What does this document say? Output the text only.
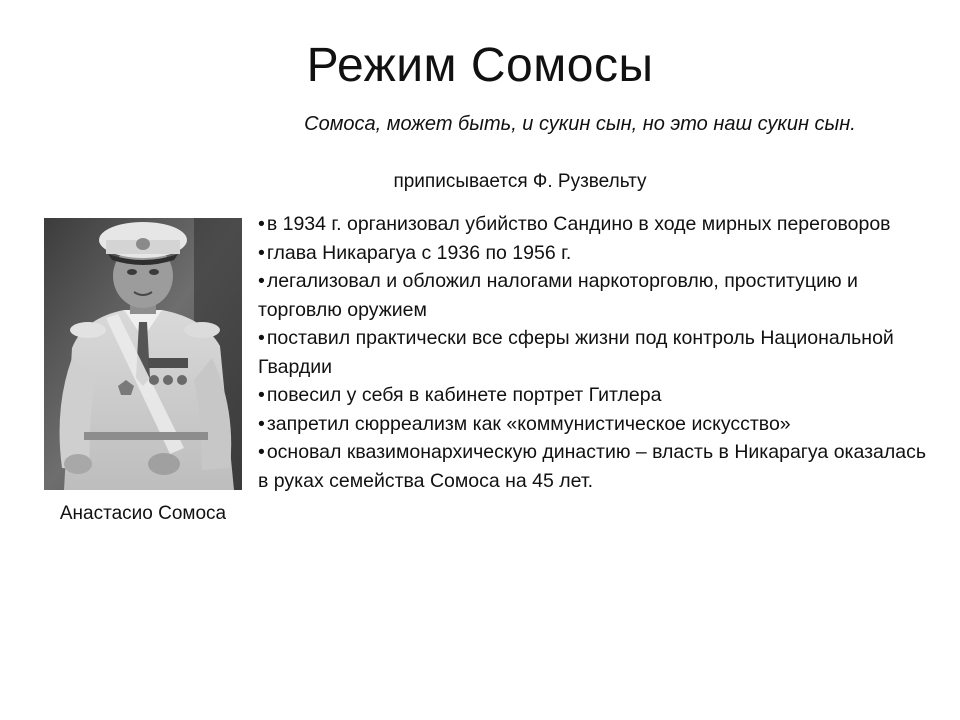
Режим Сомосы
Сомоса, может быть, и сукин сын, но это наш сукин сын.
приписывается Ф. Рузвельту
Анастасио Сомоса
• в 1934 г. организовал убийство Сандино в ходе мирных переговоров
• глава Никарагуа с 1936 по 1956 г.
• легализовал и обложил налогами наркоторговлю, проституцию и торговлю оружием
• поставил практически все сферы жизни под контроль Национальной Гвардии
• повесил у себя в кабинете портрет Гитлера
• запретил сюрреализм как «коммунистическое искусство»
• основал квазимонархическую династию – власть в Никарагуа оказалась в руках семейства Сомоса на 45 лет.
